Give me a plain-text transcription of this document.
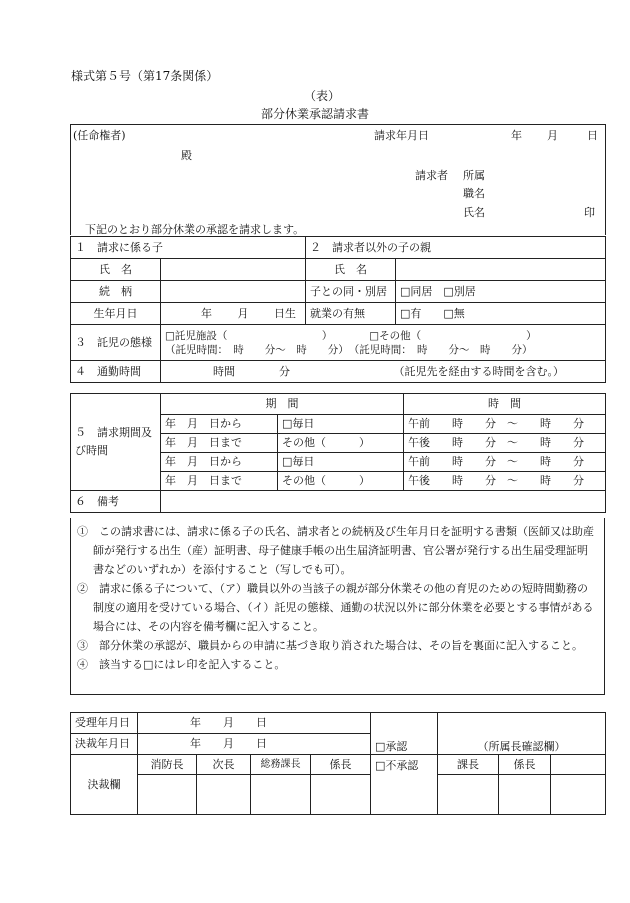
様式第５号（第17条関係）
（表）
部分休業承認請求書
(任命権者)	請求年月日	年 月	日
殿
請求者 所属
職名
氏名	印
下記のとおり部分休業の承認を請求します。
１　請求に係る子		２　請求者以外の子の親	
氏　名		氏　名	
続　柄		子との同・別居	□同居　□別居
生年月日	年 月 日生	就業の有無	□有　　□無
３　託児の態様	□託児施設（　　　　　　　　　）　　　　□その他（　　　　　　　　　　）
（託児時間：　時　　分〜　時　　分）　（託児時間：　時　　分〜　時　　分）		

４　通勤時間	時間　　　　分 （託児先を経由する時間を含む。）		
５　請求期間及び時間	期　間		時　間
	年　月　日から	□毎日	午前　　時　　分　〜　　時　　分
	年　月　日まで	その他（　　　）	午後　　時　　分　〜　　時　　分
	年　月　日から	□毎日	午前　　時　　分　〜　　時　　分
	年　月　日まで	その他（　　　）	午後　　時　　分　〜　　時　　分
６　備考			
①　この請求書には、請求に係る子の氏名、請求者との続柄及び生年月日を証明する書類（医師又は助産師が発行する出生（産）証明書、母子健康手帳の出生届済証明書、官公署が発行する出生届受理証明書などのいずれか）を添付すること（写しでも可）。
②　請求に係る子について、（ア）職員以外の当該子の親が部分休業その他の育児のための短時間勤務の制度の適用を受けている場合、（イ）託児の態様、通勤の状況以外に部分休業を必要とする事情がある場合には、その内容を備考欄に記入すること。
③　部分休業の承認が、職員からの申請に基づき取り消された場合は、その旨を裏面に記入すること。
④　該当する□にはレ印を記入すること。
受理年月日	年　　月　　日				□承認	（所属長確認欄）		
決裁年月日	年　　月　　日							
決裁欄	消防長	次長	総務課長	係長	□不承認	課長	係長	
